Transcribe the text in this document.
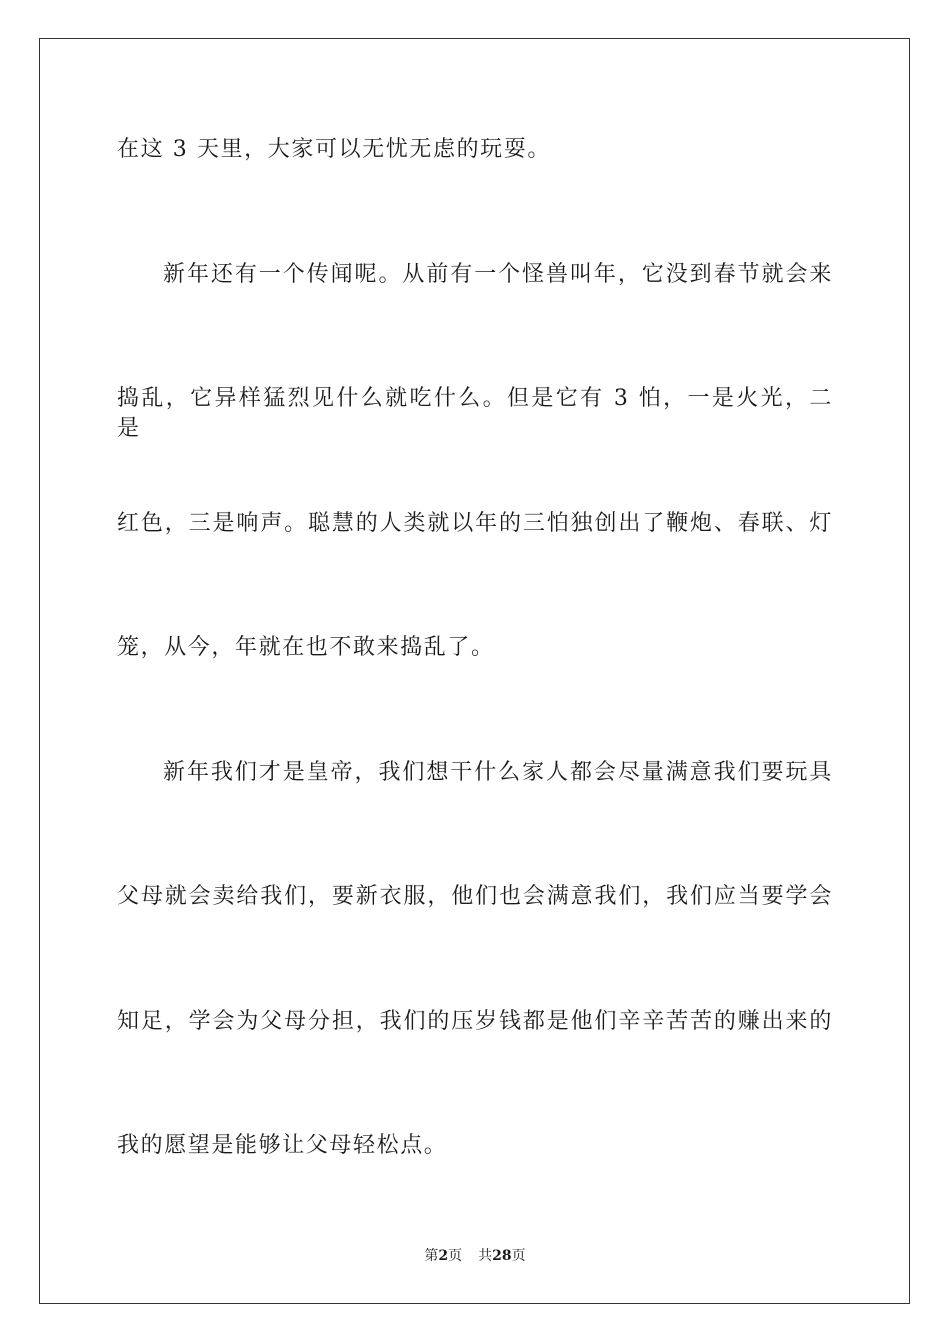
在这 3 天里，大家可以无忧无虑的玩耍。
新年还有一个传闻呢。从前有一个怪兽叫年，它没到春节就会来
捣乱，它异样猛烈见什么就吃什么。但是它有 3 怕，一是火光，二是
红色，三是响声。聪慧的人类就以年的三怕独创出了鞭炮、春联、灯
笼，从今，年就在也不敢来捣乱了。
新年我们才是皇帝，我们想干什么家人都会尽量满意我们要玩具
父母就会卖给我们，要新衣服，他们也会满意我们，我们应当要学会
知足，学会为父母分担，我们的压岁钱都是他们辛辛苦苦的赚出来的
我的愿望是能够让父母轻松点。
第2页 共28页
